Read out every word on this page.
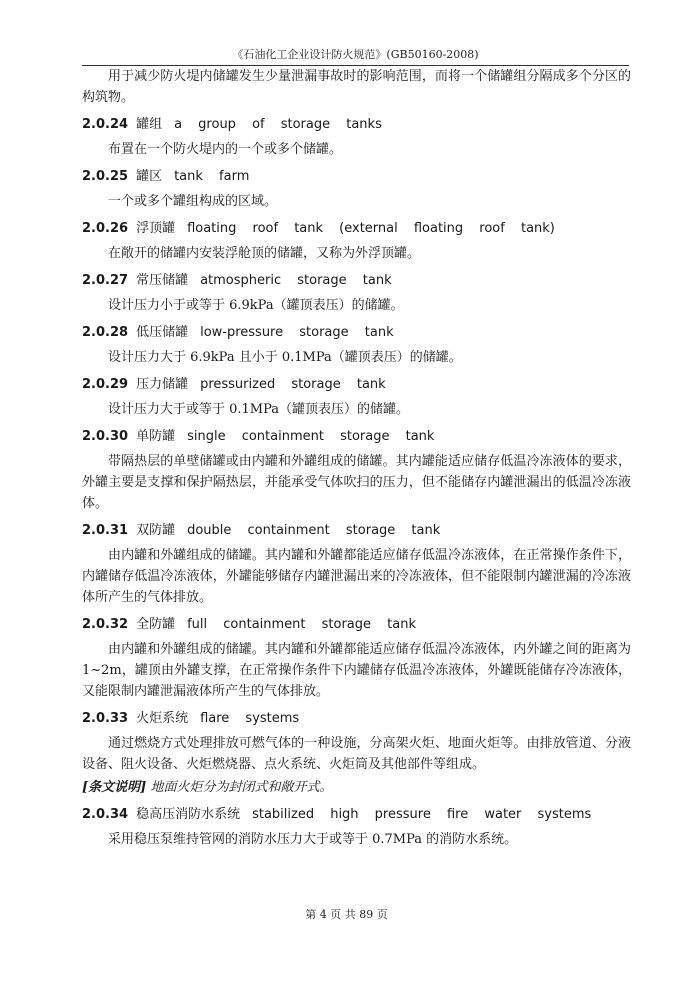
《石油化工企业设计防火规范》(GB50160-2008)

用于减少防火堤内储罐发生少量泄漏事故时的影响范围，而将一个储罐组分隔成多个分区的构筑物。

2.0.24 罐组 a group of storage tanks

布置在一个防火堤内的一个或多个储罐。

2.0.25 罐区 tank farm

一个或多个罐组构成的区域。

2.0.26 浮顶罐 floating roof tank (external floating roof tank)

在敞开的储罐内安装浮舱顶的储罐，又称为外浮顶罐。

2.0.27 常压储罐 atmospheric storage tank

设计压力小于或等于 6.9kPa（罐顶表压）的储罐。

2.0.28 低压储罐 low-pressure storage tank

设计压力大于 6.9kPa 且小于 0.1MPa（罐顶表压）的储罐。

2.0.29 压力储罐 pressurized storage tank

设计压力大于或等于 0.1MPa（罐顶表压）的储罐。

2.0.30 单防罐 single containment storage tank

带隔热层的单壁储罐或由内罐和外罐组成的储罐。其内罐能适应储存低温冷冻液体的要求，外罐主要是支撑和保护隔热层，并能承受气体吹扫的压力，但不能储存内罐泄漏出的低温冷冻液体。

2.0.31 双防罐 double containment storage tank

由内罐和外罐组成的储罐。其内罐和外罐都能适应储存低温冷冻液体，在正常操作条件下，内罐储存低温冷冻液体，外罐能够储存内罐泄漏出来的冷冻液体，但不能限制内罐泄漏的冷冻液体所产生的气体排放。

2.0.32 全防罐 full containment storage tank

由内罐和外罐组成的储罐。其内罐和外罐都能适应储存低温冷冻液体，内外罐之间的距离为 1~2m，罐顶由外罐支撑，在正常操作条件下内罐储存低温冷冻液体，外罐既能储存冷冻液体，又能限制内罐泄漏液体所产生的气体排放。

2.0.33 火炬系统 flare systems

通过燃烧方式处理排放可燃气体的一种设施，分高架火炬、地面火炬等。由排放管道、分液设备、阻火设备、火炬燃烧器、点火系统、火炬筒及其他部件等组成。

[条文说明] 地面火炬分为封闭式和敞开式。

2.0.34 稳高压消防水系统 stabilized high pressure fire water systems

采用稳压泵维持管网的消防水压力大于或等于 0.7MPa 的消防水系统。

第 4 页 共 89 页
